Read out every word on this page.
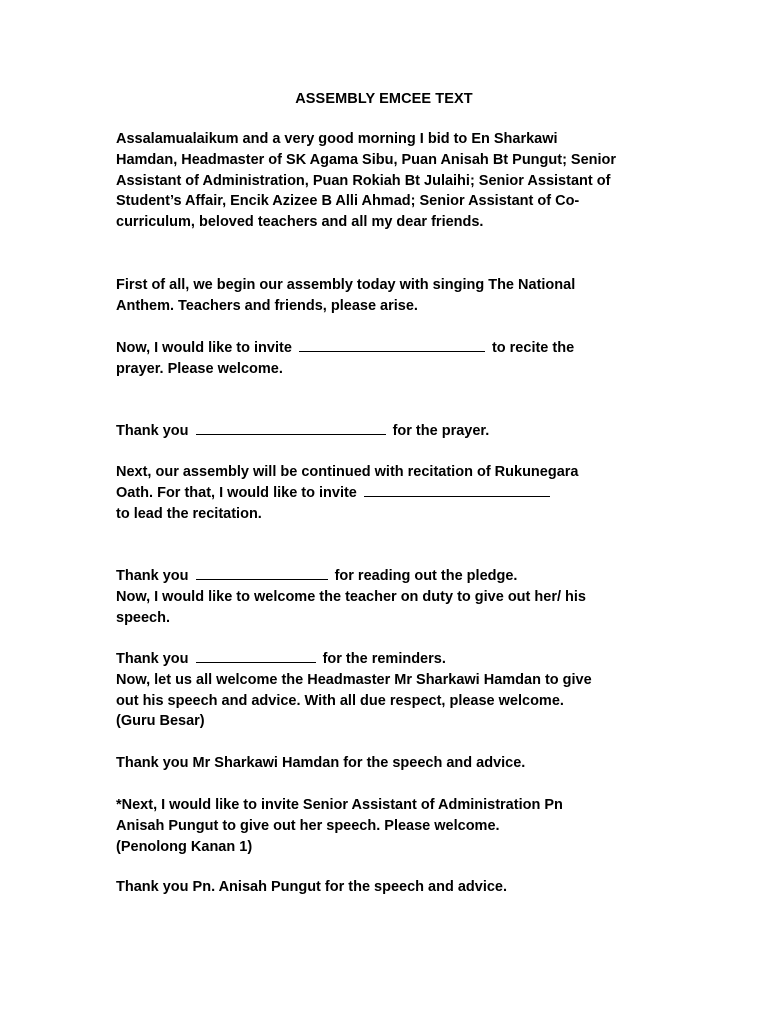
ASSEMBLY EMCEE TEXT
Assalamualaikum and a very good morning I bid to En Sharkawi
Hamdan, Headmaster of SK Agama Sibu, Puan Anisah Bt Pungut; Senior
Assistant of Administration, Puan Rokiah Bt Julaihi; Senior Assistant of
Student’s Affair, Encik Azizee B Alli Ahmad; Senior Assistant of Co-
curriculum, beloved teachers and all my dear friends.
First of all, we begin our assembly today with singing The National
Anthem. Teachers and friends, please arise.
Now, I would like to invite	to recite the
prayer. Please welcome.
Thank you	for the prayer.
Next, our assembly will be continued with recitation of Rukunegara
Oath. For that, I would like to invite
to lead the recitation.
Thank you	for reading out the pledge.
Now, I would like to welcome the teacher on duty to give out her/ his
speech.
Thank you	for the reminders.
Now, let us all welcome the Headmaster Mr Sharkawi Hamdan to give
out his speech and advice. With all due respect, please welcome.
(Guru Besar)
Thank you Mr Sharkawi Hamdan for the speech and advice.
*Next, I would like to invite Senior Assistant of Administration Pn
Anisah Pungut to give out her speech. Please welcome.
(Penolong Kanan 1)
Thank you Pn. Anisah Pungut for the speech and advice.
